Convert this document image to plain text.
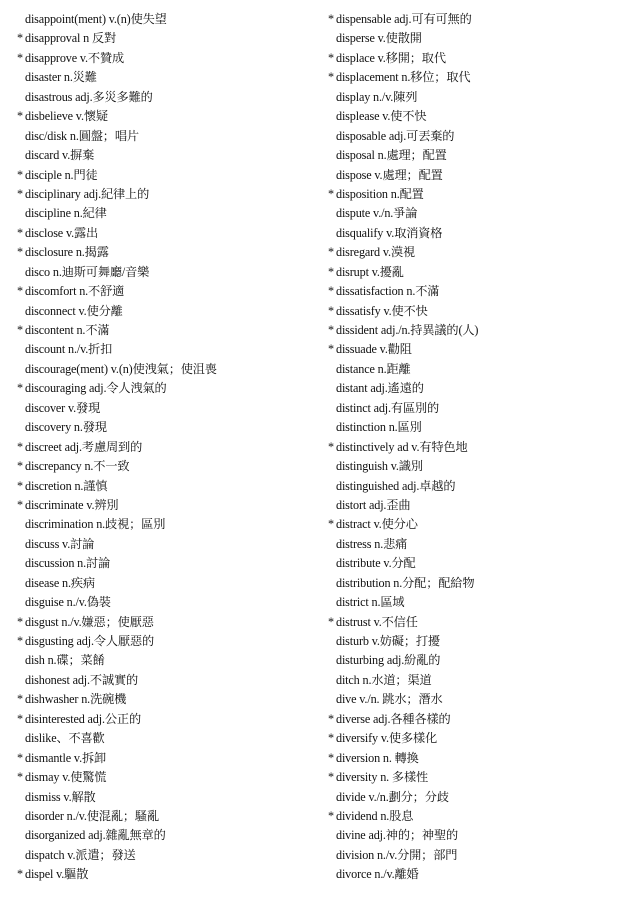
disappoint(ment) v.(n)使失望
* disapproval n 反對
* disapprove v.不贊成
disaster n.災難
disastrous adj.多災多難的
* disbelieve v.懷疑
disc/disk n.圓盤；唱片
discard v.摒棄
* disciple n.門徒
* disciplinary adj.紀律上的
discipline n.紀律
* disclose v.露出
* disclosure n.揭露
disco n.迪斯可舞廳/音樂
* discomfort n.不舒適
disconnect v.使分離
* discontent n.不滿
discount n./v.折扣
discourage(ment) v.(n)使洩氣；使沮喪
* discouraging adj.令人洩氣的
discover v.發現
discovery n.發現
* discreet adj.考慮周到的
* discrepancy n.不一致
* discretion n.謹慎
* discriminate v.辨別
discrimination n.歧視；區別
discuss v.討論
discussion n.討論
disease n.疾病
disguise n./v.偽裝
* disgust n./v.嫌惡；使厭惡
* disgusting adj.令人厭惡的
dish n.碟；菜餚
dishonest adj.不誠實的
* dishwasher n.洗碗機
* disinterested adj.公正的
dislike、不喜歡
* dismantle v.拆卸
* dismay v.使驚慌
dismiss v.解散
disorder n./v.使混亂；騷亂
disorganized adj.雜亂無章的
dispatch v.派遣；發送
* dispel v.驅散
* dispensable adj.可有可無的
disperse v.使散開
* displace v.移開；取代
* displacement n.移位；取代
display n./v.陳列
displease v.使不快
disposable adj.可丟棄的
disposal n.處理；配置
dispose v.處理；配置
* disposition n.配置
dispute v./n.爭論
disqualify v.取消資格
* disregard v.漠視
* disrupt v.擾亂
* dissatisfaction n.不滿
* dissatisfy v.使不快
* dissident adj./n.持異議的(人)
* dissuade v.勸阻
distance n.距離
distant adj.遙遠的
distinct adj.有區別的
distinction n.區別
* distinctively ad v.有特色地
distinguish v.識別
distinguished adj.卓越的
distort adj.歪曲
* distract v.使分心
distress n.悲痛
distribute v.分配
distribution n.分配；配給物
district n.區域
* distrust v.不信任
disturb v.妨礙；打擾
disturbing adj.紛亂的
ditch n.水道；渠道
dive v./n. 跳水；潛水
* diverse adj.各種各樣的
* diversify v.使多樣化
* diversion n. 轉換
* diversity n. 多樣性
divide v./n.劃分；分歧
* dividend n.股息
divine adj.神的；神聖的
division n./v.分開；部門
divorce n./v.離婚
